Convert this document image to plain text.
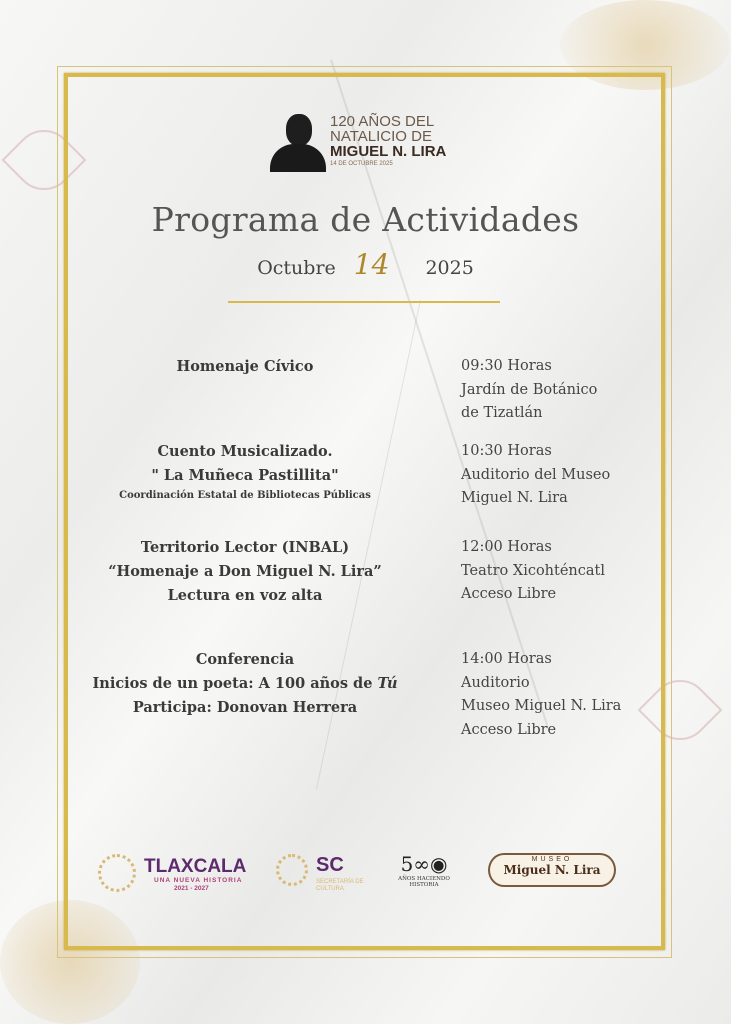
120 AÑOS DEL
NATALICIO DE
MIGUEL N. LIRA
14 DE OCTUBRE 2025
Programa de Actividades
Octubre 14 2025
Homenaje Cívico	09:30 Horas
Jardín de Botánico
de Tizatlán
Cuento Musicalizado.
" La Muñeca Pastillita"
Coordinación Estatal de Bibliotecas Públicas
10:30 Horas
Auditorio del Museo
Miguel N. Lira
Territorio Lector (INBAL)
“Homenaje a Don Miguel N. Lira”
Lectura en voz alta
12:00 Horas
Teatro Xicohténcatl
Acceso Libre
Conferencia
Inicios de un poeta: A 100 años de Tú
Participa: Donovan Herrera
14:00 Horas
Auditorio
Museo Miguel N. Lira
Acceso Libre
TLAXCALA
UNA NUEVA HISTORIA
2021 - 2027
SC
SECRETARÍA DE
CULTURA
5∞◉
AÑOS HACIENDO
HISTORIA
MUSEO
Miguel N. Lira
